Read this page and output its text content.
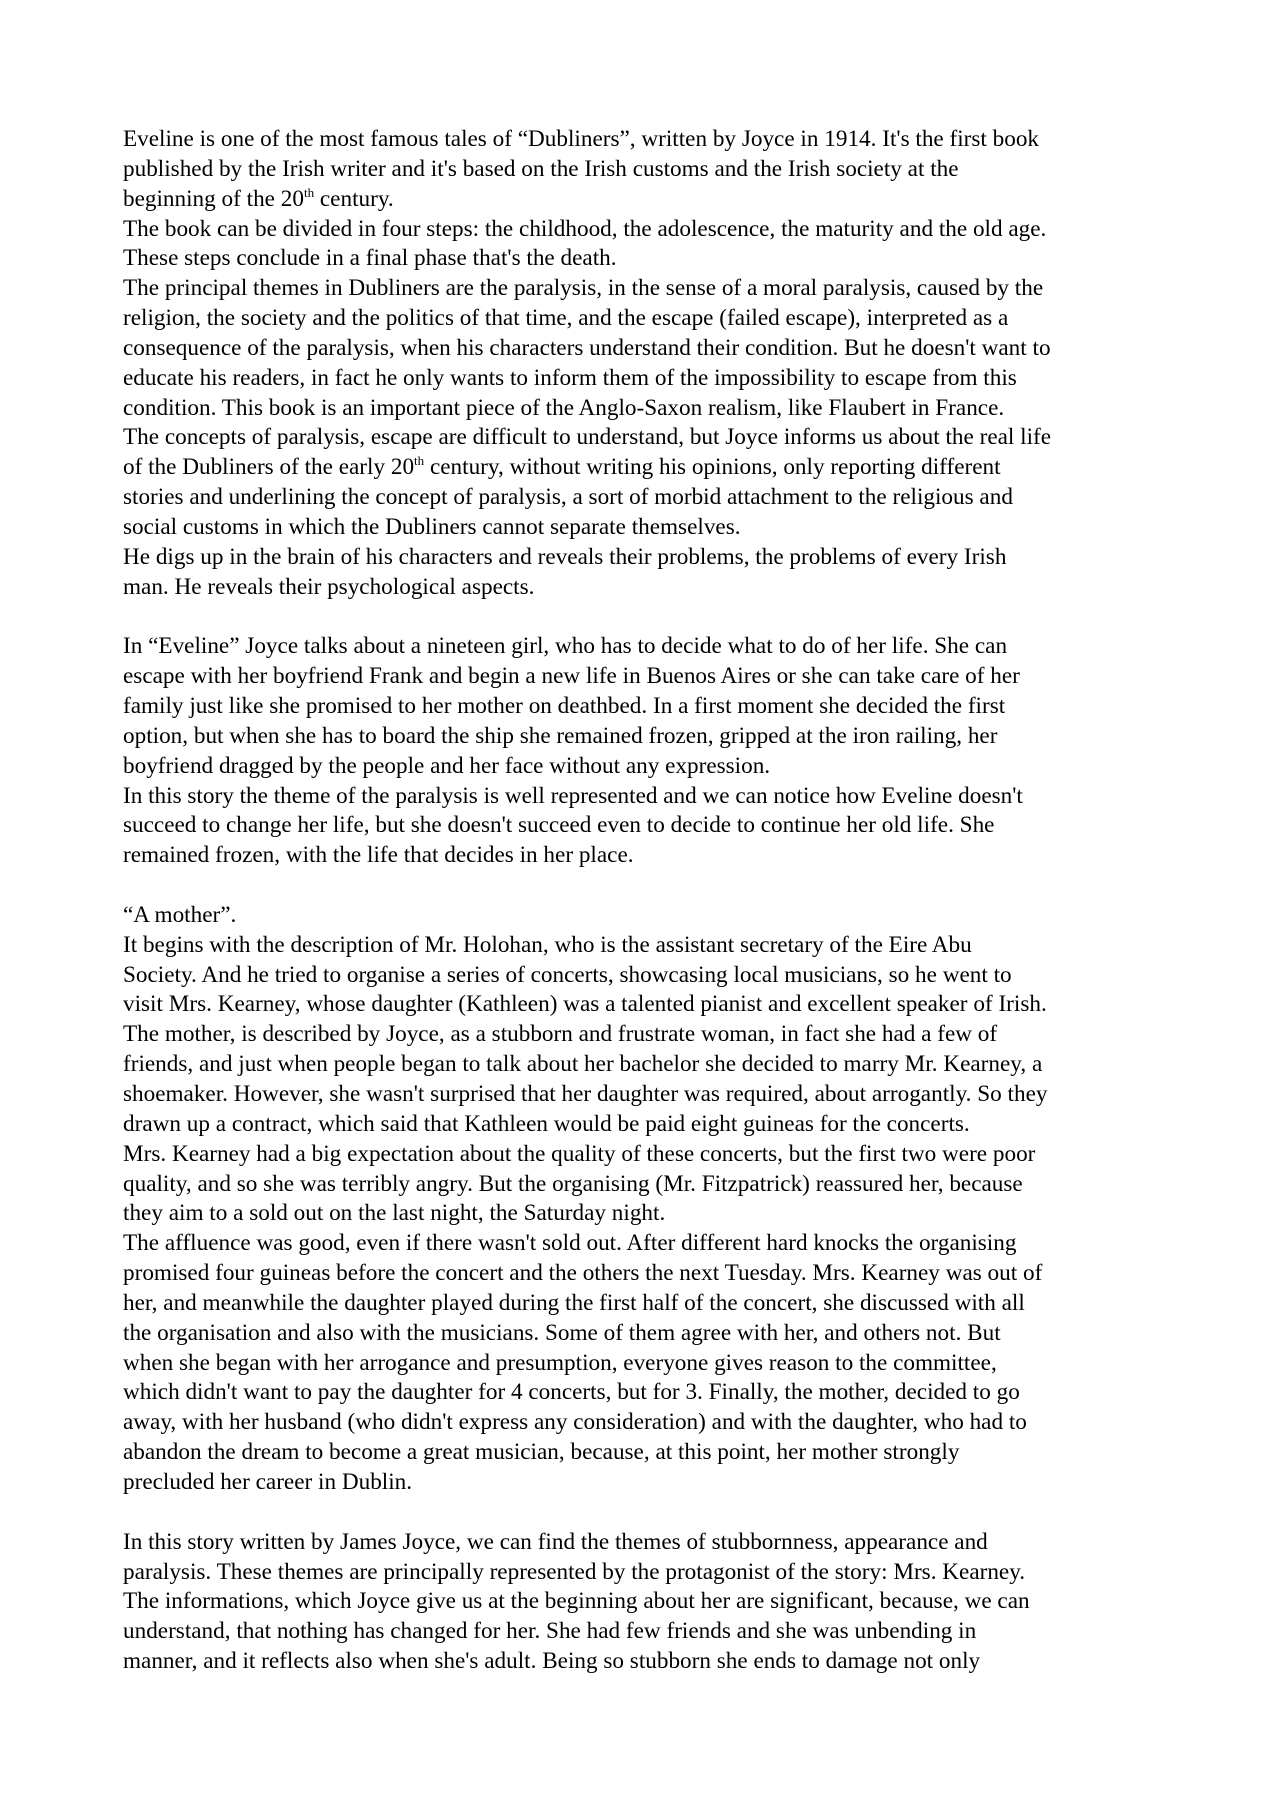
Eveline is one of the most famous tales of “Dubliners”, written by Joyce in 1914. It's the first book
published by the Irish writer and it's based on the Irish customs and the Irish society at the
beginning of the 20th century.
The book can be divided in four steps: the childhood, the adolescence, the maturity and the old age.
These steps conclude in a final phase that's the death.
The principal themes in Dubliners are the paralysis, in the sense of a moral paralysis, caused by the
religion, the society and the politics of that time, and the escape (failed escape), interpreted as a
consequence of the paralysis, when his characters understand their condition. But he doesn't want to
educate his readers, in fact he only wants to inform them of the impossibility to escape from this
condition. This book is an important piece of the Anglo-Saxon realism, like Flaubert in France.
The concepts of paralysis, escape are difficult to understand, but Joyce informs us about the real life
of the Dubliners of the early 20th century, without writing his opinions, only reporting different
stories and underlining the concept of paralysis, a sort of morbid attachment to the religious and
social customs in which the Dubliners cannot separate themselves.
He digs up in the brain of his characters and reveals their problems, the problems of every Irish
man. He reveals their psychological aspects.
In “Eveline” Joyce talks about a nineteen girl, who has to decide what to do of her life. She can
escape with her boyfriend Frank and begin a new life in Buenos Aires or she can take care of her
family just like she promised to her mother on deathbed. In a first moment she decided the first
option, but when she has to board the ship she remained frozen, gripped at the iron railing, her
boyfriend dragged by the people and her face without any expression.
In this story the theme of the paralysis is well represented and we can notice how Eveline doesn't
succeed to change her life, but she doesn't succeed even to decide to continue her old life. She
remained frozen, with the life that decides in her place.
“A mother”.
It begins with the description of Mr. Holohan, who is the assistant secretary of the Eire Abu
Society. And he tried to organise a series of concerts, showcasing local musicians, so he went to
visit Mrs. Kearney, whose daughter (Kathleen) was a talented pianist and excellent speaker of Irish.
The mother, is described by Joyce, as a stubborn and frustrate woman, in fact she had a few of
friends, and just when people began to talk about her bachelor she decided to marry Mr. Kearney, a
shoemaker. However, she wasn't surprised that her daughter was required, about arrogantly. So they
drawn up a contract, which said that Kathleen would be paid eight guineas for the concerts.
Mrs. Kearney had a big expectation about the quality of these concerts, but the first two were poor
quality, and so she was terribly angry. But the organising (Mr. Fitzpatrick) reassured her, because
they aim to a sold out on the last night, the Saturday night.
The affluence was good, even if there wasn't sold out. After different hard knocks the organising
promised four guineas before the concert and the others the next Tuesday. Mrs. Kearney was out of
her, and meanwhile the daughter played during the first half of the concert, she discussed with all
the organisation and also with the musicians. Some of them agree with her, and others not. But
when she began with her arrogance and presumption, everyone gives reason to the committee,
which didn't want to pay the daughter for 4 concerts, but for 3. Finally, the mother, decided to go
away, with her husband (who didn't express any consideration) and with the daughter, who had to
abandon the dream to become a great musician, because, at this point, her mother strongly
precluded her career in Dublin.
In this story written by James Joyce, we can find the themes of stubbornness, appearance and
paralysis. These themes are principally represented by the protagonist of the story: Mrs. Kearney.
The informations, which Joyce give us at the beginning about her are significant, because, we can
understand, that nothing has changed for her. She had few friends and she was unbending in
manner, and it reflects also when she's adult. Being so stubborn she ends to damage not only
